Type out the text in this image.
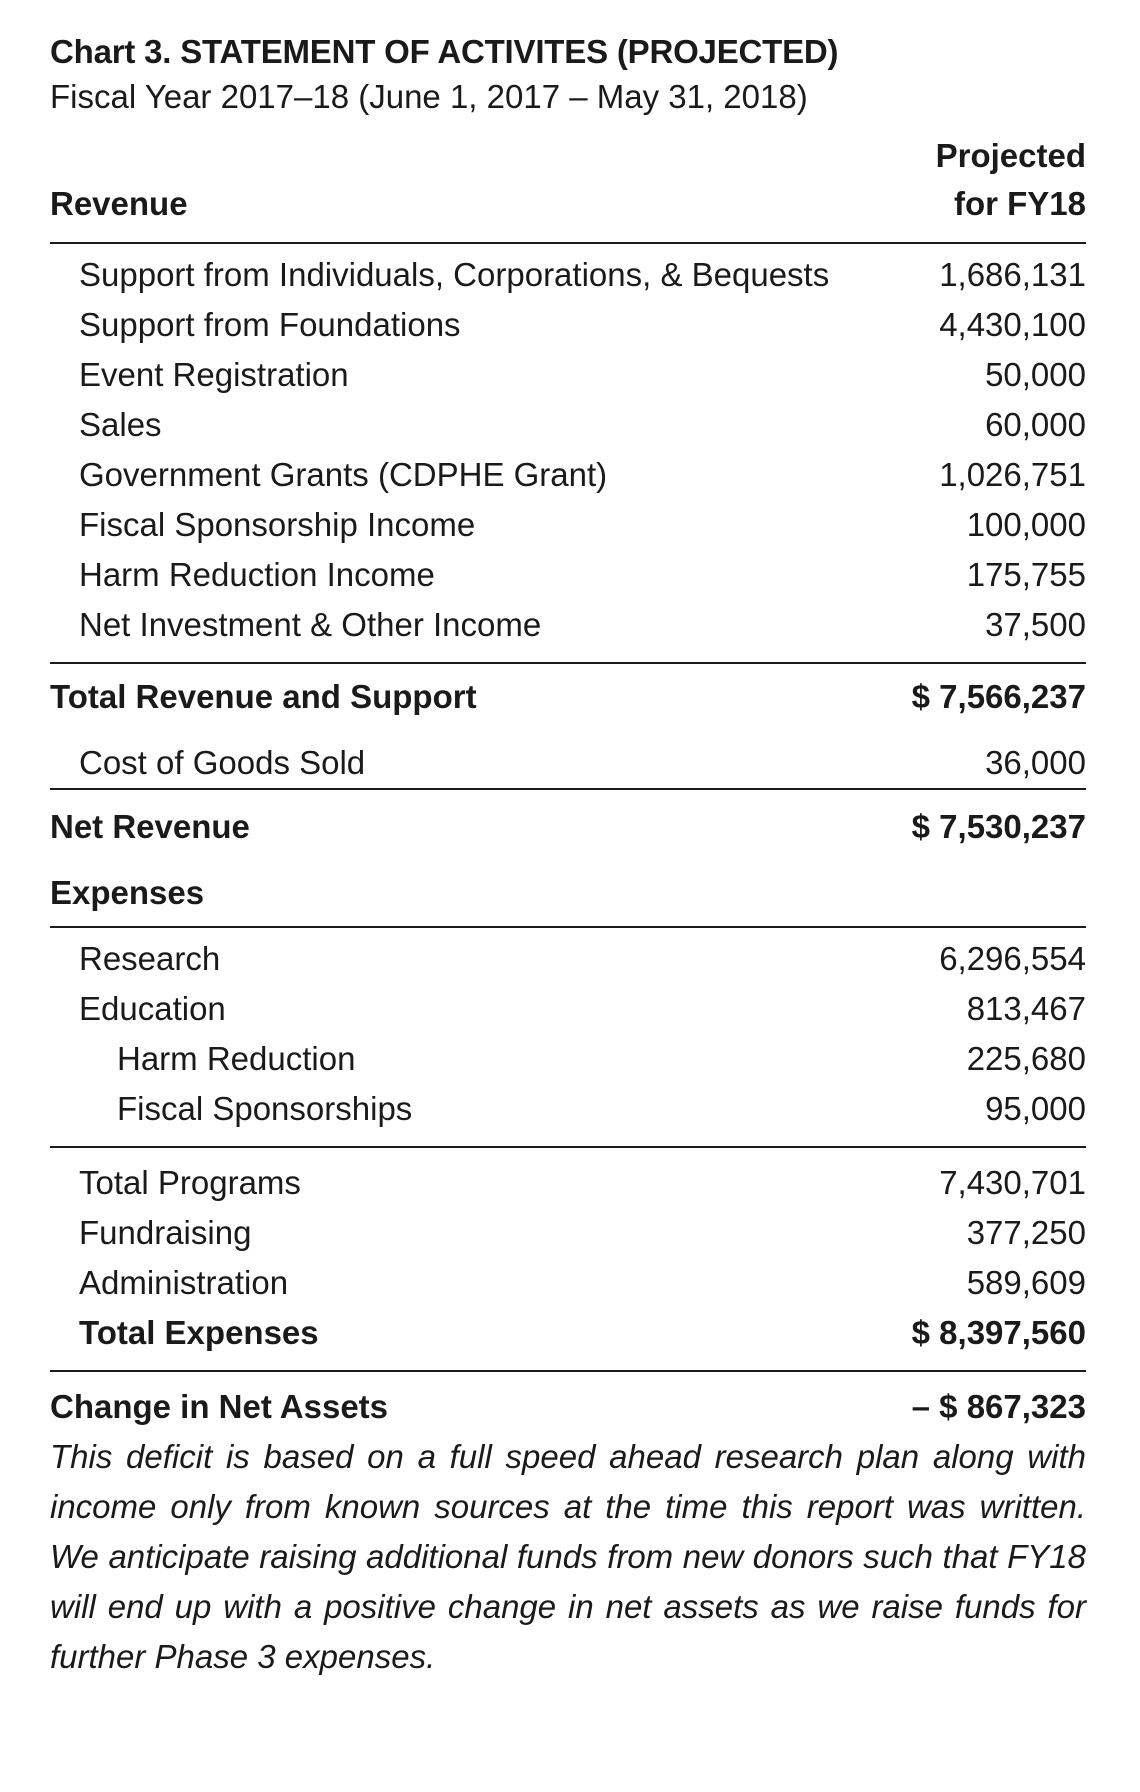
Chart 3. STATEMENT OF ACTIVITES (PROJECTED)

Fiscal Year 2017–18 (June 1, 2017 – May 31, 2018)

Revenue
Projected
for FY18
Support from Individuals, Corporations, & Bequests	1,686,131
Support from Foundations	4,430,100
Event Registration	50,000
Sales	60,000
Government Grants (CDPHE Grant)	1,026,751
Fiscal Sponsorship Income	100,000
Harm Reduction Income	175,755
Net Investment & Other Income	37,500
Total Revenue and Support	$ 7,566,237
Cost of Goods Sold	36,000
Net Revenue	$ 7,530,237
Expenses
Research	6,296,554
Education	813,467
Harm Reduction	225,680
Fiscal Sponsorships	95,000
Total Programs	7,430,701
Fundraising	377,250
Administration	589,609
Total Expenses	$ 8,397,560
Change in Net Assets	– $ 867,323

This deficit is based on a full speed ahead research plan along with income only from known sources at the time this report was written. We anticipate raising additional funds from new donors such that FY18 will end up with a positive change in net assets as we raise funds for further Phase 3 expenses.
